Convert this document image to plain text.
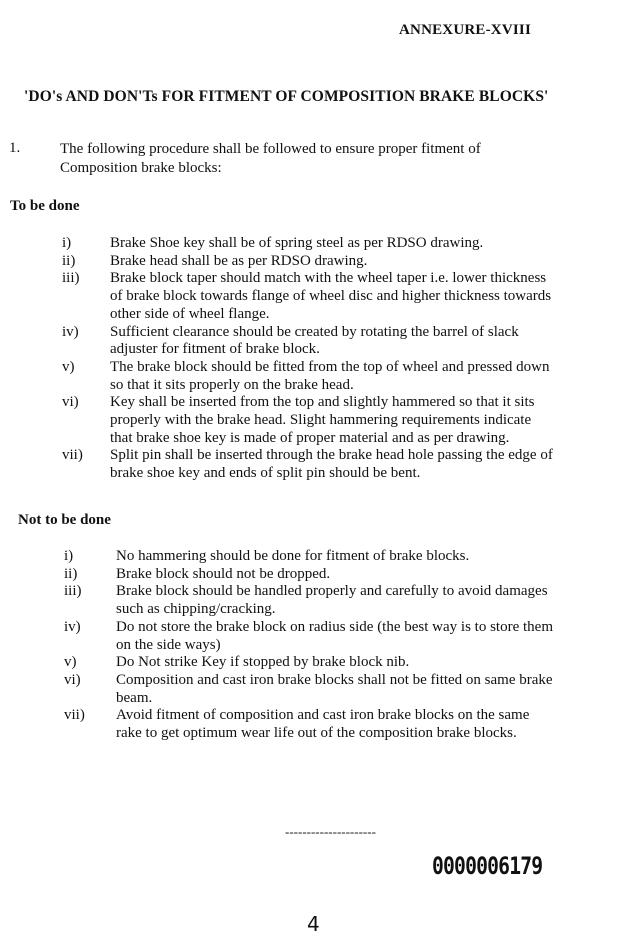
ANNEXURE-XVIII
'DO's AND DON'Ts FOR FITMENT OF COMPOSITION BRAKE BLOCKS'
1.	The following procedure shall be followed to ensure proper fitment of Composition brake blocks:
To be done
i)	Brake Shoe key shall be of spring steel as per RDSO drawing.
ii) Brake head shall be as per RDSO drawing.
iii) Brake block taper should match with the wheel taper i.e. lower thickness
of brake block towards flange of wheel disc and higher thickness towards
other side of wheel flange.
iv) Sufficient clearance should be created by rotating the barrel of slack
adjuster for fitment of brake block.
v) The brake block should be fitted from the top of wheel and pressed down
so that it sits properly on the brake head.
vi) Key shall be inserted from the top and slightly hammered so that it sits
properly with the brake head. Slight hammering requirements indicate
that brake shoe key is made of proper material and as per drawing.
vii) Split pin shall be inserted through the brake head hole passing the edge of
brake shoe key and ends of split pin should be bent.
Not to be done
i)	No hammering should be done for fitment of brake blocks.
ii)	Brake block should not be dropped.
iii) Brake block should be handled properly and carefully to avoid damages
such as chipping/cracking.
iv) Do not store the brake block on radius side (the best way is to store them
on the side ways)
v)	Do Not strike Key if stopped by brake block nib.
vi) Composition and cast iron brake blocks shall not be fitted on same brake
beam.
vii) Avoid fitment of composition and cast iron brake blocks on the same
rake to get optimum wear life out of the composition brake blocks.
---------------------
0000006179
4
